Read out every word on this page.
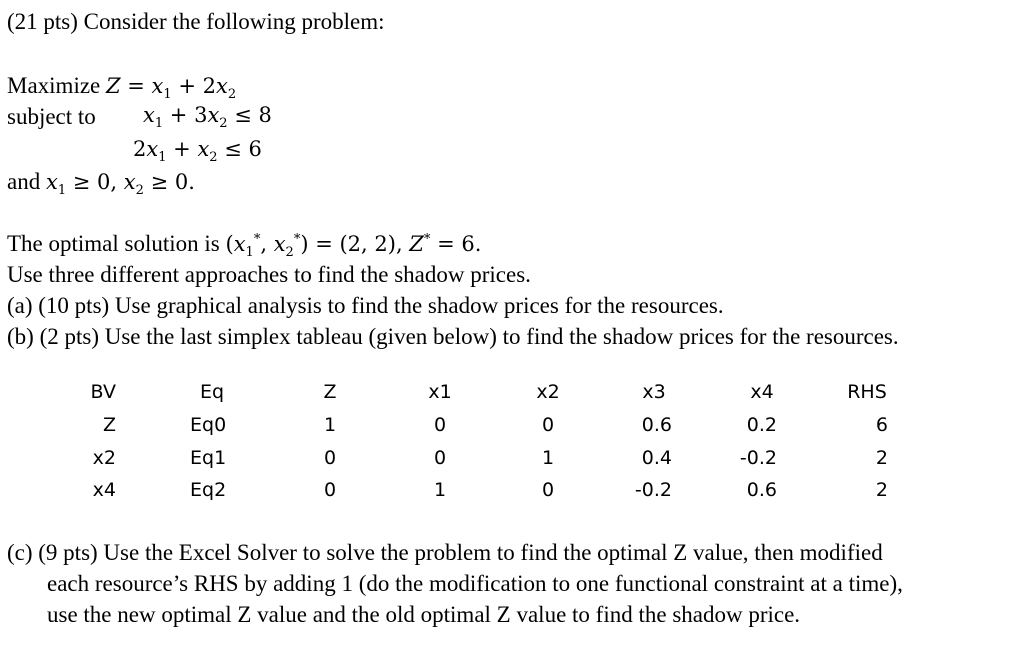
(21 pts) Consider the following problem:
Maximize $Z = x_1 + 2x_2$
subject to $x_1 + 3x_2 \le 8$
$2x_1 + x_2 \le 6$
and $x_1 \ge 0$, $x_2 \ge 0$.
The optimal solution is ($x_1^*$, $x_2^*) = (2$, 2), Z* = 6.
Use three different approaches to find the shadow prices.
(a) (10 pts) Use graphical analysis to find the shadow prices for the resources.
(b) (2 pts) Use the last simplex tableau (given below) to find the shadow prices for the resources.
BV	Eq	Z	x1	x2	x3	x4	RHS
Z	Eq0	1	0	0	0.6	0.2	6
x2	Eq1	0	0	1	0.4	-0.2	2
x4	Eq2	0	1	0	-0.2	0.6	2
(c) (9 pts) Use the Excel Solver to solve the problem to find the optimal Z value, then modified
each resource’s RHS by adding 1 (do the modification to one functional constraint at a time),
use the new optimal Z value and the old optimal Z value to find the shadow price.
